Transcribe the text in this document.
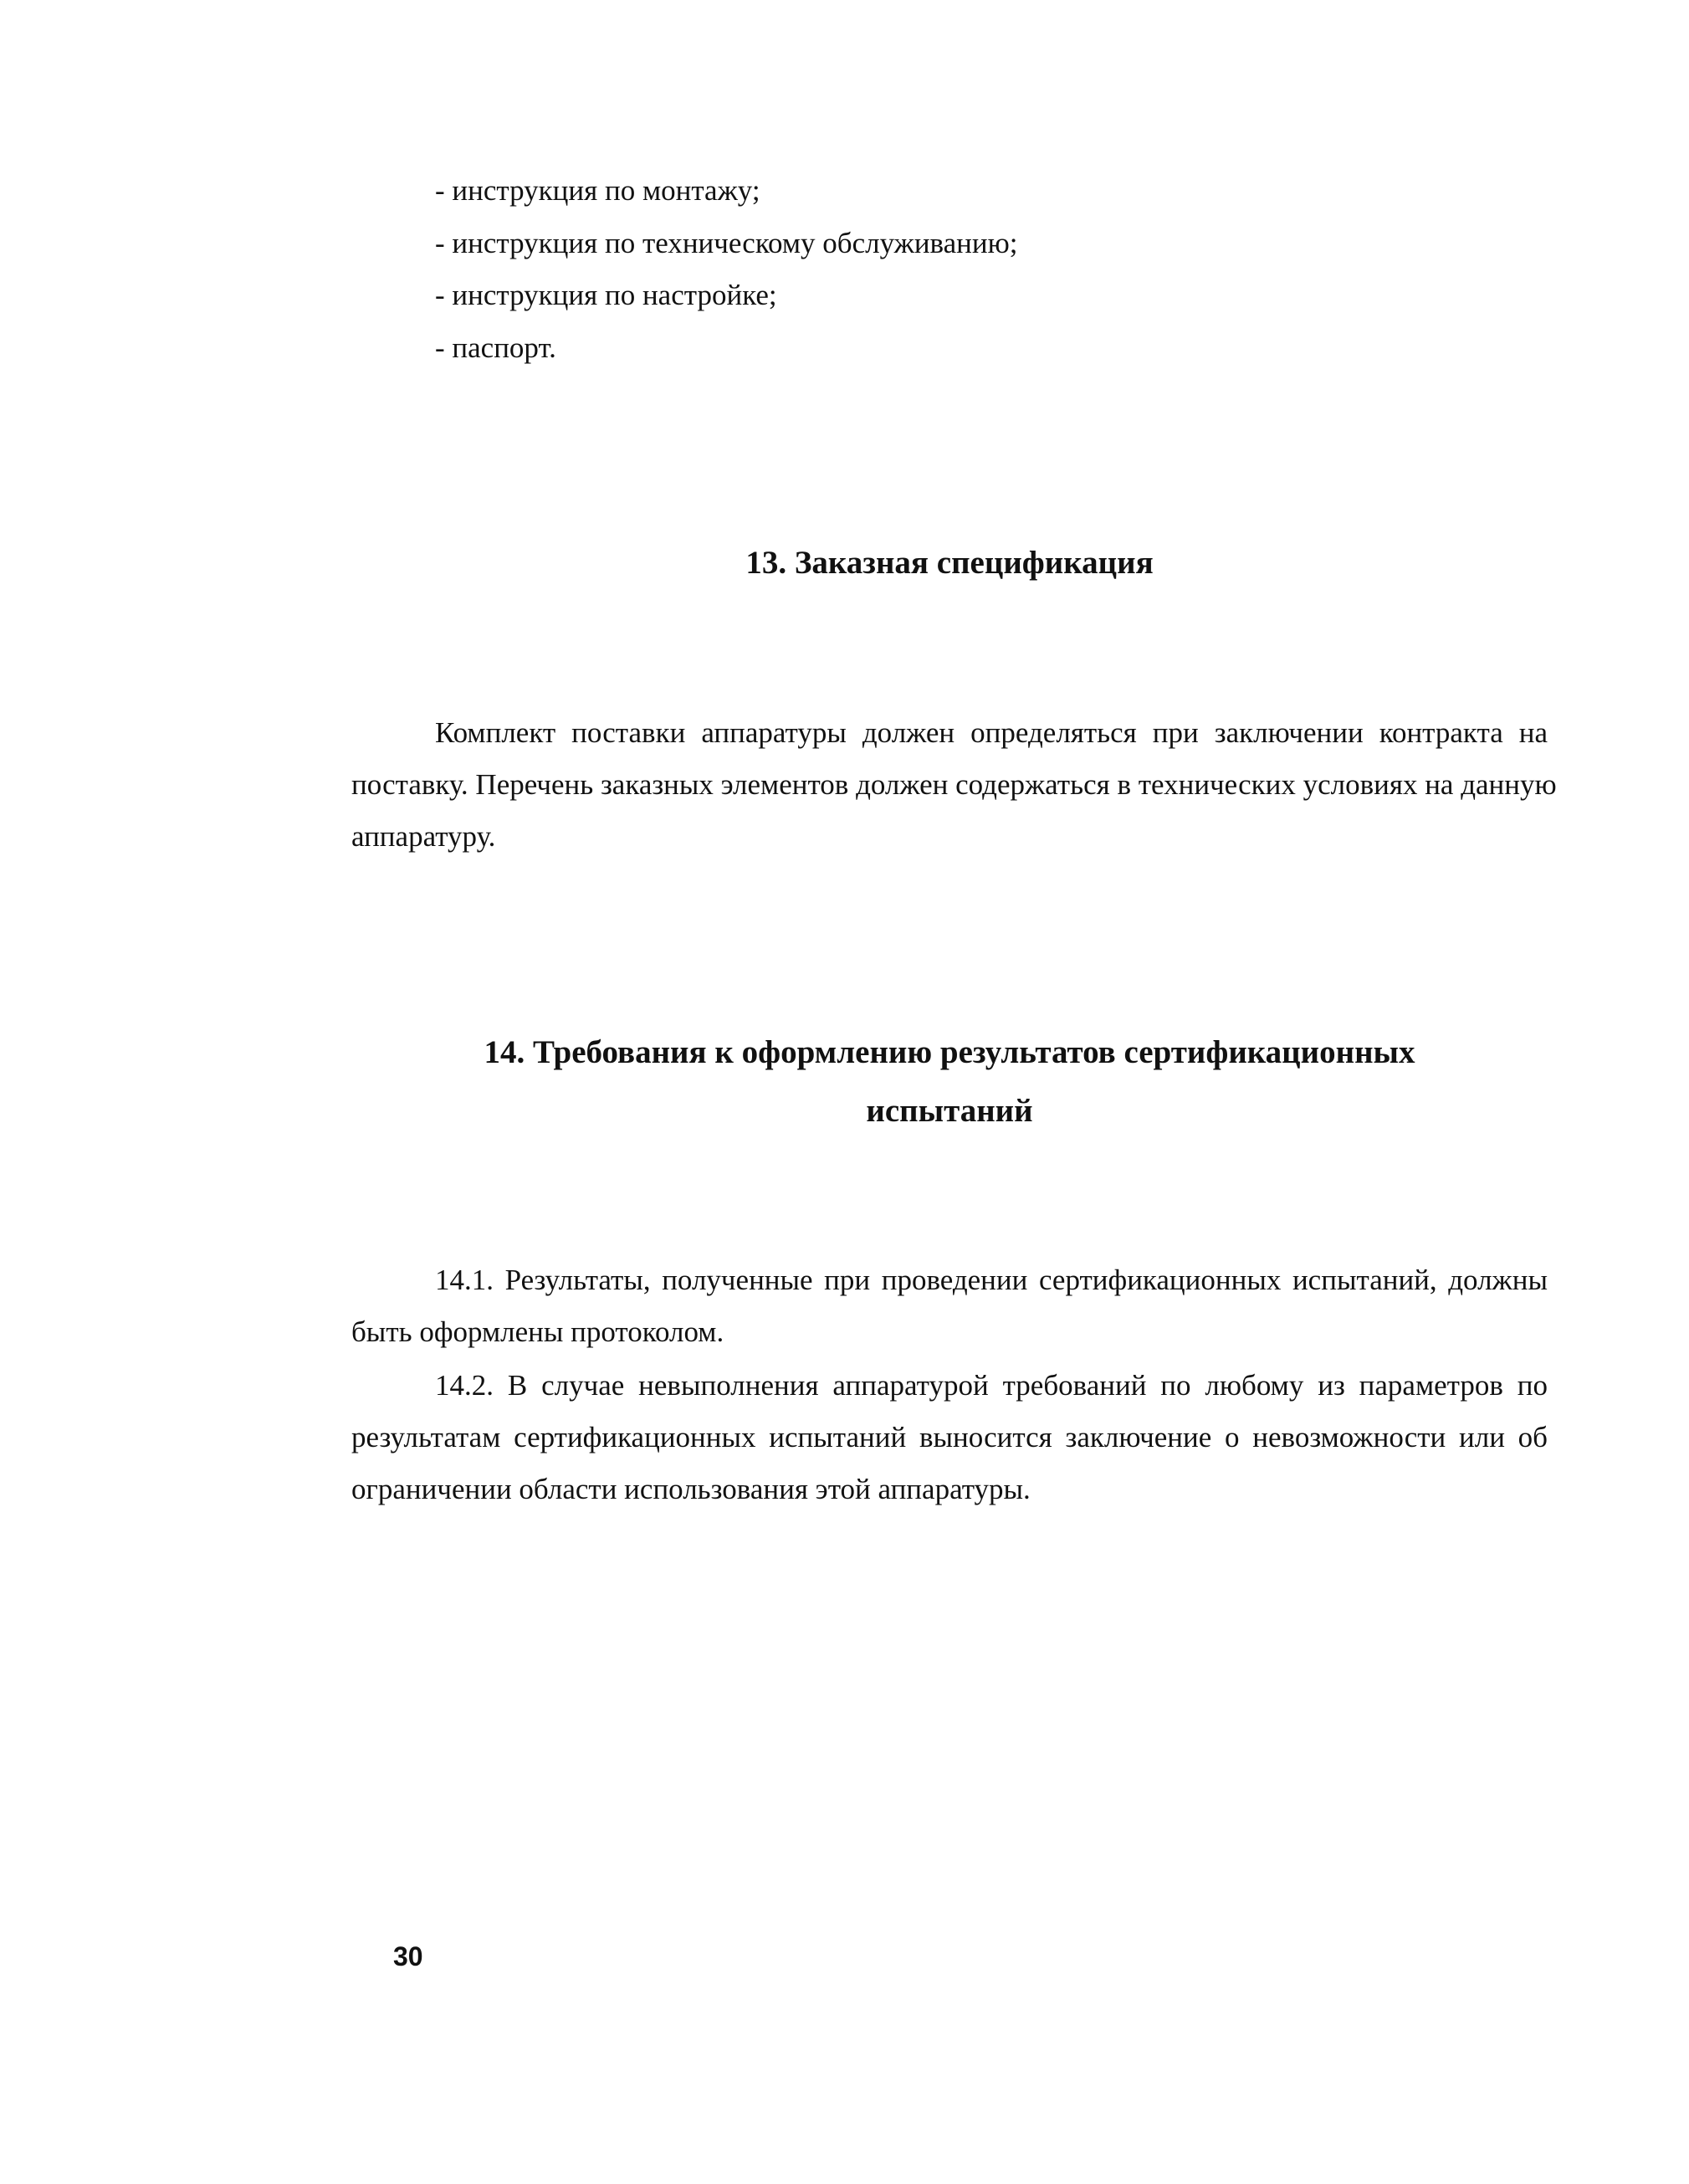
- инструкция по монтажу;
- инструкция по техническому обслуживанию;
- инструкция по настройке;
- паспорт.
13. Заказная спецификация
Комплект поставки аппаратуры должен определяться при заключении контракта на
поставку. Перечень заказных элементов должен содержаться в технических условиях на данную
аппаратуру.
14. Требования к оформлению результатов сертификационных
испытаний
14.1. Результаты, полученные при проведении сертификационных испытаний, должны
быть оформлены протоколом.
14.2. В случае невыполнения аппаратурой требований по любому из параметров по
результатам сертификационных испытаний выносится заключение о невозможности или об
ограничении области использования этой аппаратуры.
30
